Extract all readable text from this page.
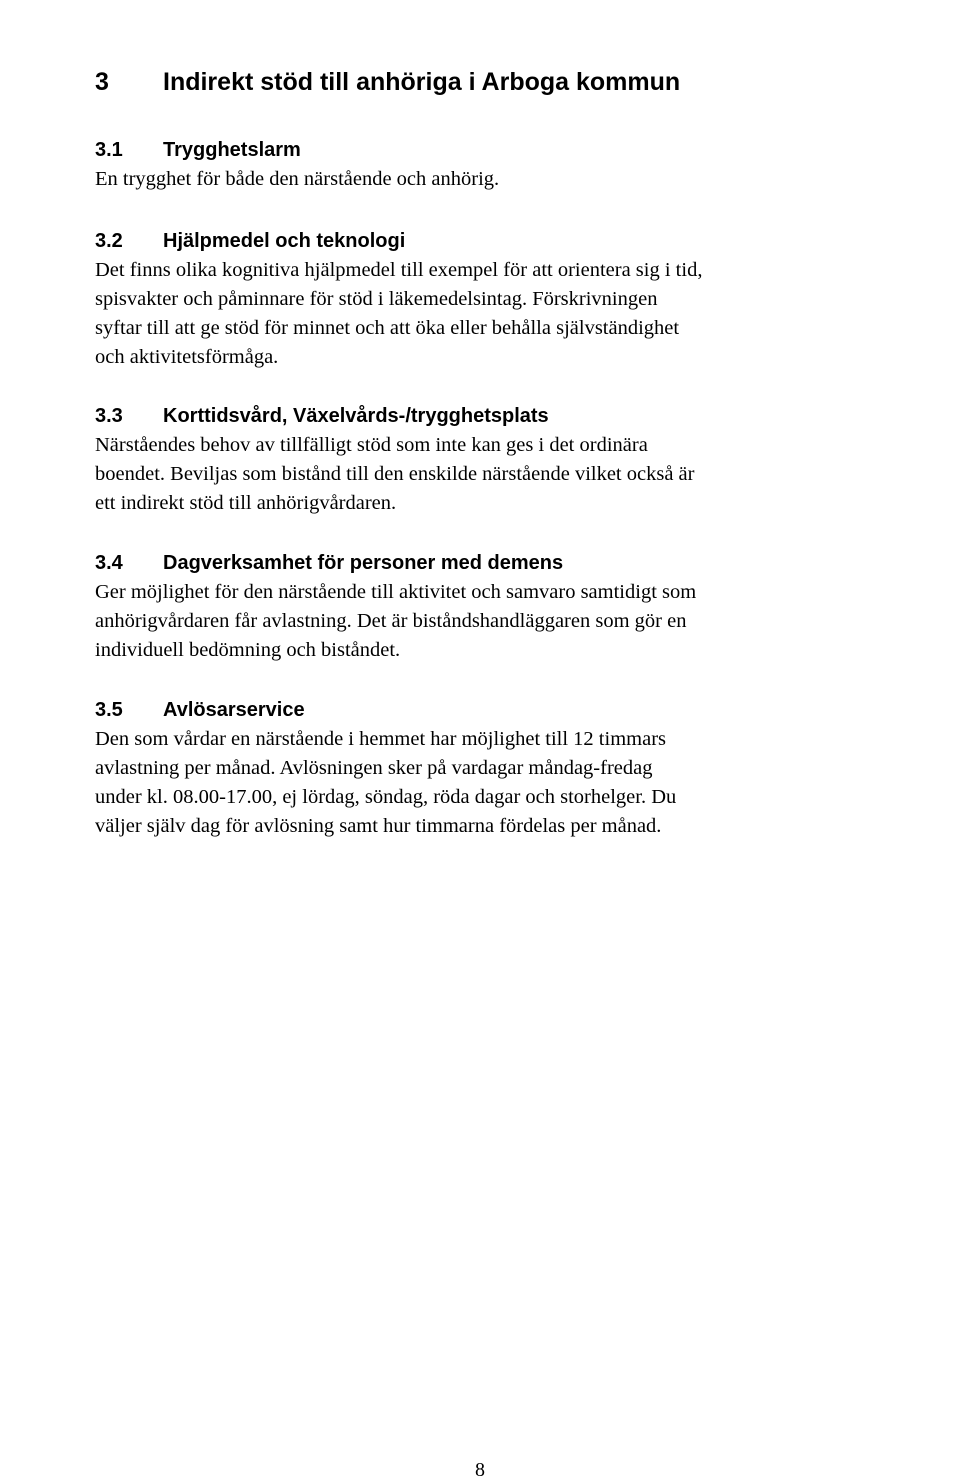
3 Indirekt stöd till anhöriga i Arboga kommun
3.1 Trygghetslarm
En trygghet för både den närstående och anhörig.
3.2 Hjälpmedel och teknologi
Det finns olika kognitiva hjälpmedel till exempel för att orientera sig i tid,
spisvakter och påminnare för stöd i läkemedelsintag. Förskrivningen
syftar till att ge stöd för minnet och att öka eller behålla självständighet
och aktivitetsförmåga.
3.3 Korttidsvård, Växelvårds-/trygghetsplats
Närståendes behov av tillfälligt stöd som inte kan ges i det ordinära
boendet. Beviljas som bistånd till den enskilde närstående vilket också är
ett indirekt stöd till anhörigvårdaren.
3.4 Dagverksamhet för personer med demens
Ger möjlighet för den närstående till aktivitet och samvaro samtidigt som
anhörigvårdaren får avlastning. Det är biståndshandläggaren som gör en
individuell bedömning och biståndet.
3.5 Avlösarservice
Den som vårdar en närstående i hemmet har möjlighet till 12 timmars
avlastning per månad. Avlösningen sker på vardagar måndag-fredag
under kl. 08.00-17.00, ej lördag, söndag, röda dagar och storhelger. Du
väljer själv dag för avlösning samt hur timmarna fördelas per månad.
8
